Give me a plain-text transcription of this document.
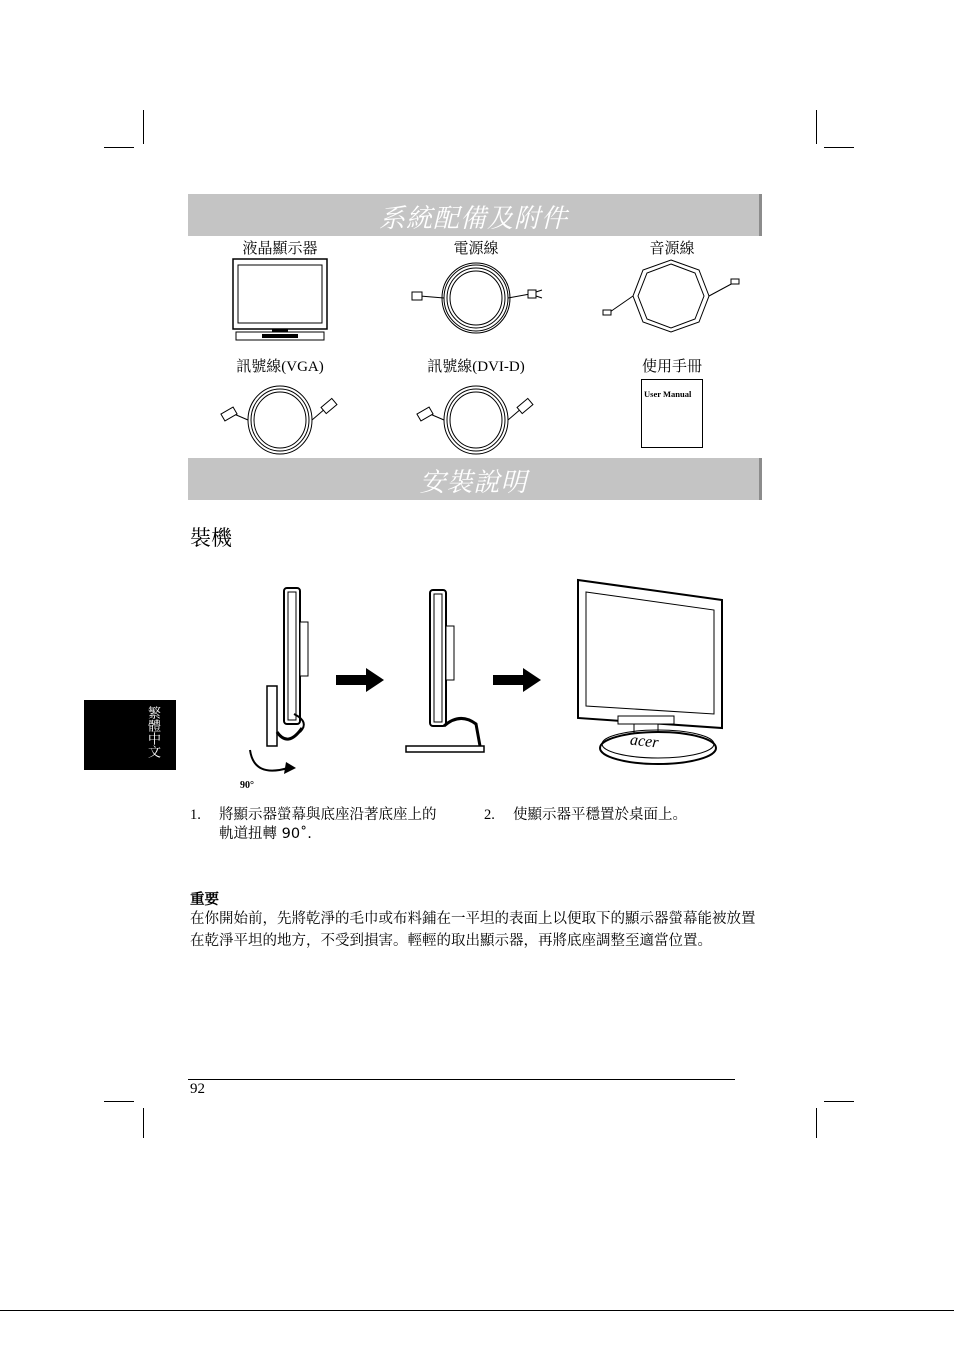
系統配備及附件
液晶顯示器	電源線	音源線
訊號線(VGA)	訊號線(DVI-D)	使用手冊
User Manual
安裝說明
裝機
繁體中文
90°
acer
1. 將顯示器螢幕與底座沿著底座上的
軌道扭轉 90˚.
2. 使顯示器平穩置於桌面上。
重要
在你開始前，先將乾淨的毛巾或布料鋪在一平坦的表面上以便取下的顯示器螢幕能被放置在乾淨平坦的地方，不受到損害。輕輕的取出顯示器，再將底座調整至適當位置。
92
